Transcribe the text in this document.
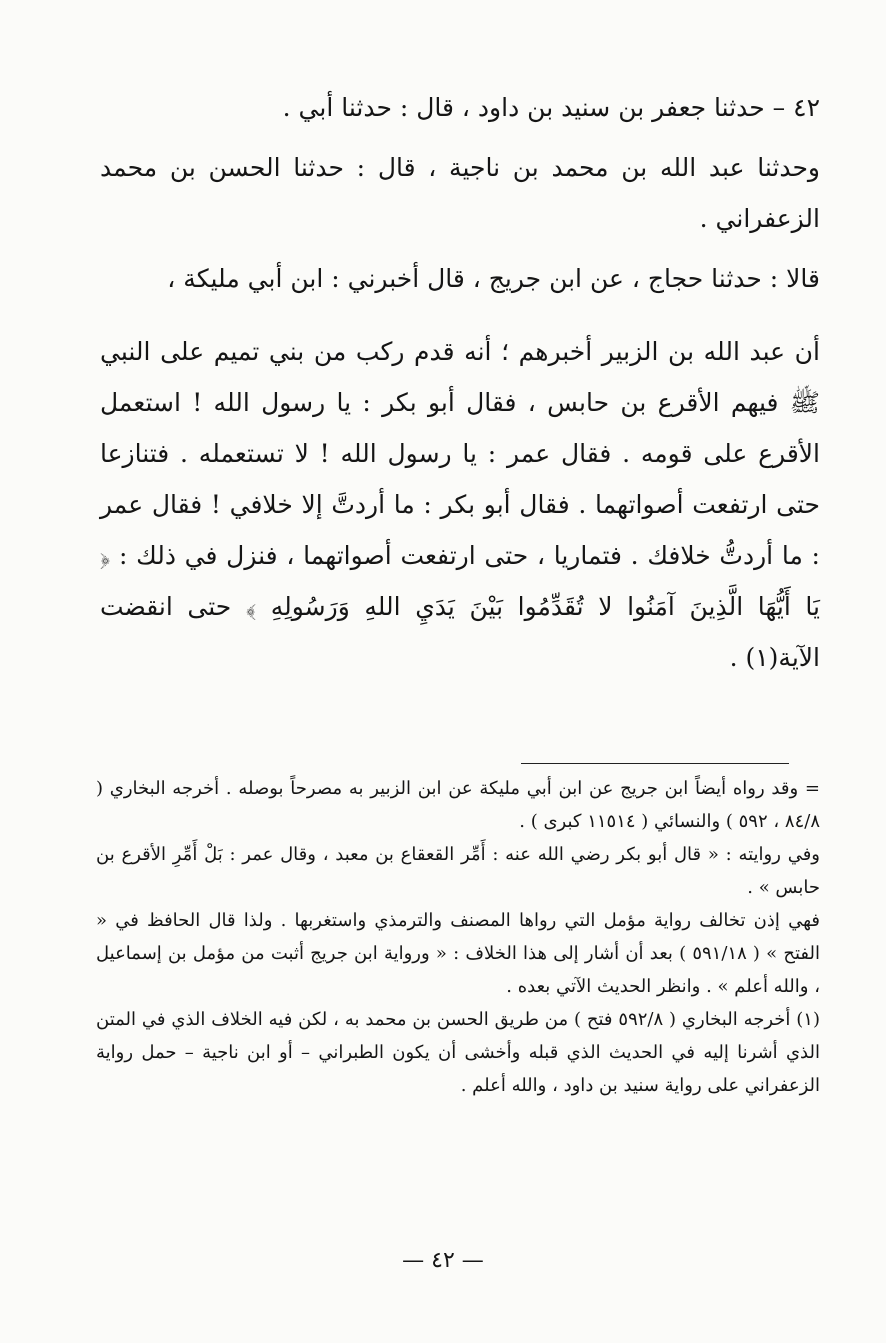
٤٢ – حدثنا جعفر بن سنيد بن داود ، قال : حدثنا أبي .

وحدثنا عبد الله بن محمد بن ناجية ، قال : حدثنا الحسن بن محمد الزعفراني .

قالا : حدثنا حجاج ، عن ابن جريج ، قال أخبرني : ابن أبي مليكة ،

أن عبد الله بن الزبير أخبرهم ؛ أنه قدم ركب من بني تميم على النبي ﷺ فيهم الأقرع بن حابس ، فقال أبو بكر : يا رسول الله ! استعمل الأقرع على قومه . فقال عمر : يا رسول الله ! لا تستعمله . فتنازعا حتى ارتفعت أصواتهما . فقال أبو بكر : ما أردتَّ إلا خلافي ! فقال عمر : ما أردتُّ خلافك . فتماريا ، حتى ارتفعت أصواتهما ، فنزل في ذلك : ﴿ يَا أَيُّهَا الَّذِينَ آمَنُوا لا تُقَدِّمُوا بَيْنَ يَدَيِ اللهِ وَرَسُولِهِ ﴾ حتى انقضت الآية(١) .

= وقد رواه أيضاً ابن جريج عن ابن أبي مليكة عن ابن الزبير به مصرحاً بوصله . أخرجه البخاري ( ٨٤/٨ ، ٥٩٢ ) والنسائي ( ١١٥١٤ كبرى ) .

وفي روايته : « قال أبو بكر رضي الله عنه : أَمِّر القعقاع بن معبد ، وقال عمر : بَلْ أَمِّرِ الأقرع بن حابس » .

فهي إذن تخالف رواية مؤمل التي رواها المصنف والترمذي واستغربها . ولذا قال الحافظ في « الفتح » ( ٥٩١/١٨ ) بعد أن أشار إلى هذا الخلاف : « ورواية ابن جريج أثبت من مؤمل بن إسماعيل ، والله أعلم » . وانظر الحديث الآتي بعده .

(١) أخرجه البخاري ( ٥٩٢/٨ فتح ) من طريق الحسن بن محمد به ، لكن فيه الخلاف الذي في المتن الذي أشرنا إليه في الحديث الذي قبله وأخشى أن يكون الطبراني – أو ابن ناجية – حمل رواية الزعفراني على رواية سنيد بن داود ، والله أعلم .

— ٤٢ —
